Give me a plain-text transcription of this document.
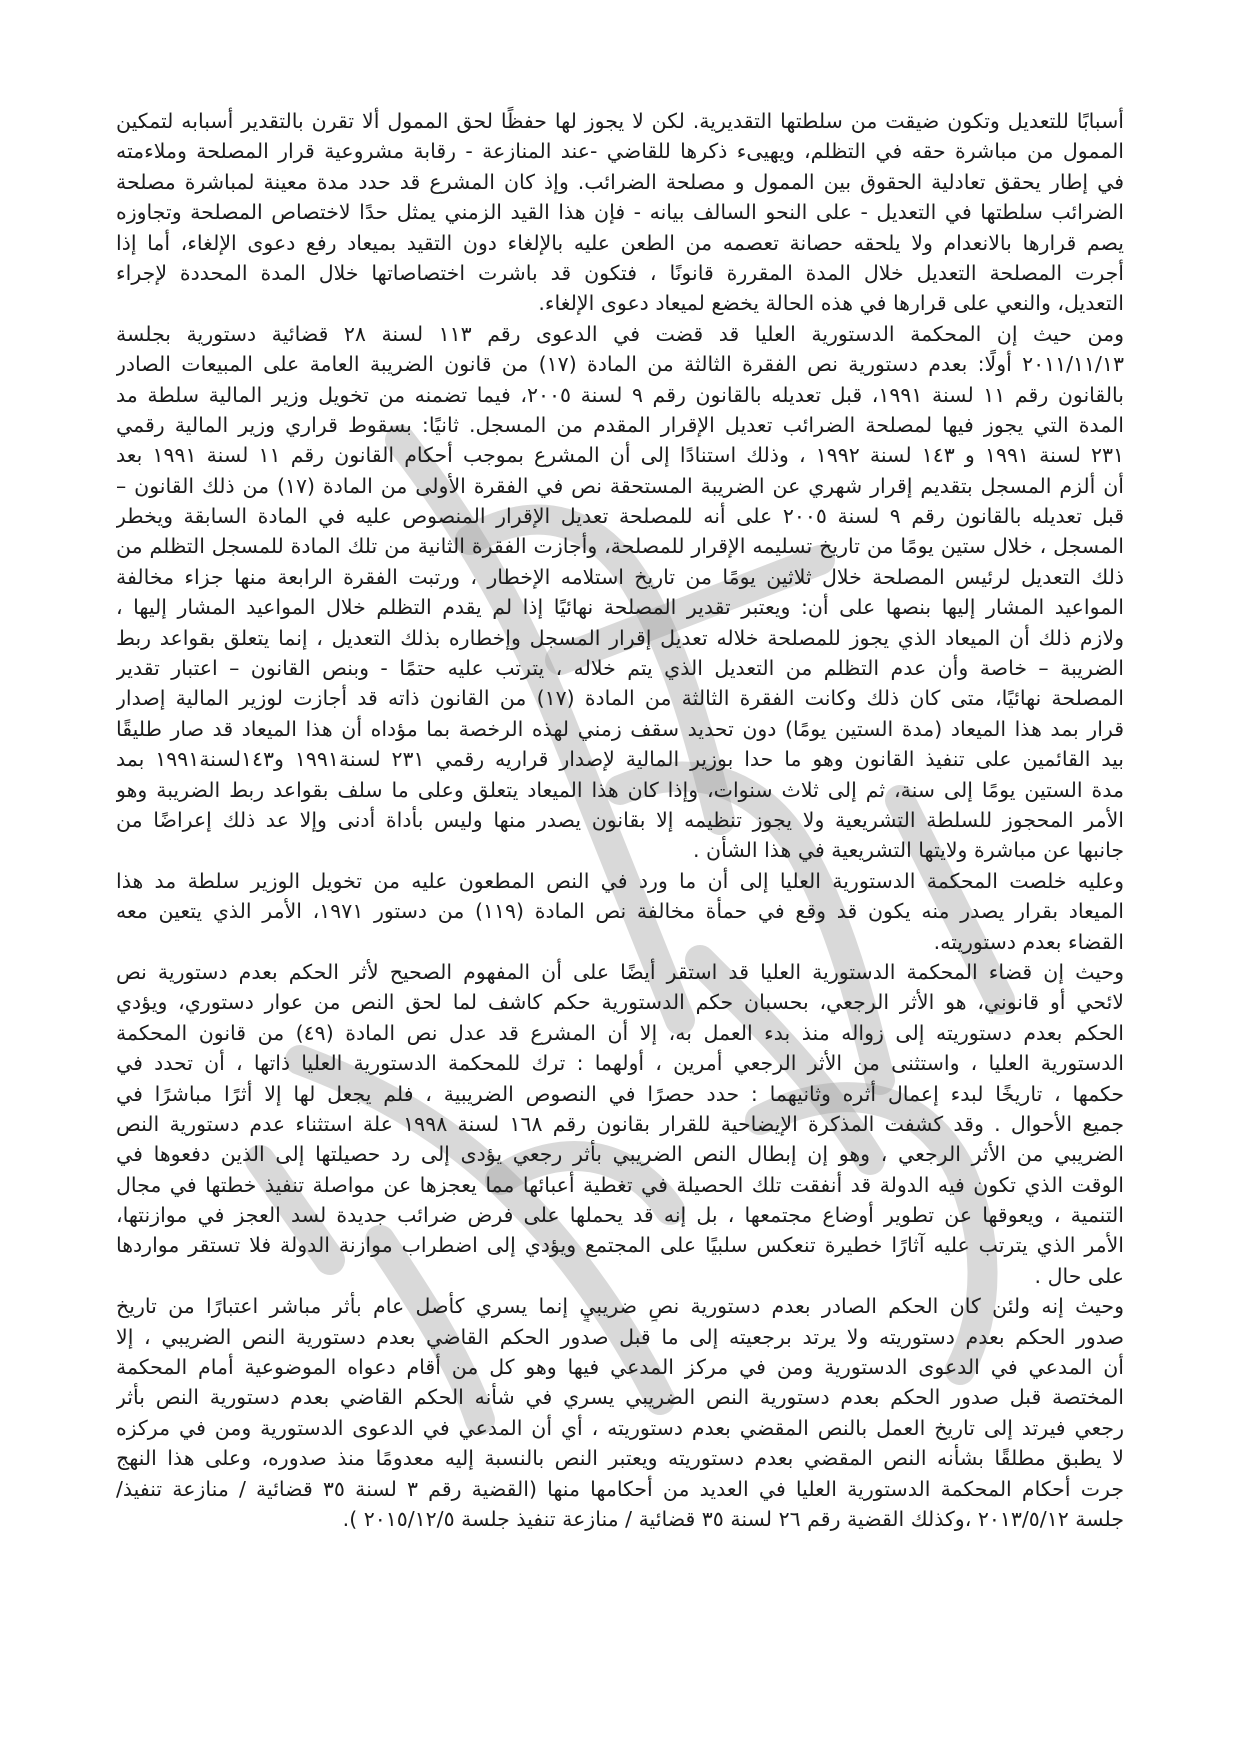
أسبابًا للتعديل وتكون ضيقت من سلطتها التقديرية. لكن لا يجوز لها حفظًا لحق الممول ألا تقرن بالتقدير أسبابه لتمكين
الممول من مباشرة حقه في التظلم، ويهيىء ذكرها للقاضي -عند المنازعة - رقابة مشروعية قرار المصلحة وملاءمته
في إطار يحقق تعادلية الحقوق بين الممول و مصلحة الضرائب. وإذ كان المشرع قد حدد مدة معينة لمباشرة مصلحة
الضرائب سلطتها في التعديل - على النحو السالف بيانه - فإن هذا القيد الزمني يمثل حدًا لاختصاص المصلحة وتجاوزه
يصم قرارها بالانعدام ولا يلحقه حصانة تعصمه من الطعن عليه بالإلغاء دون التقيد بميعاد رفع دعوى الإلغاء، أما إذا
أجرت المصلحة التعديل خلال المدة المقررة قانونًا ، فتكون قد باشرت اختصاصاتها خلال المدة المحددة لإجراء
التعديل، والنعي على قرارها في هذه الحالة يخضع لميعاد دعوى الإلغاء.
ومن حيث إن المحكمة الدستورية العليا قد قضت في الدعوى رقم ١١٣ لسنة ٢٨ قضائية دستورية بجلسة
٢٠١١/١١/١٣ أولًا: بعدم دستورية نص الفقرة الثالثة من المادة (١٧) من قانون الضريبة العامة على المبيعات الصادر
بالقانون رقم ١١ لسنة ١٩٩١، قبل تعديله بالقانون رقم ٩ لسنة ٢٠٠٥، فيما تضمنه من تخويل وزير المالية سلطة مد
المدة التي يجوز فيها لمصلحة الضرائب تعديل الإقرار المقدم من المسجل. ثانيًا: بسقوط قراري وزير المالية رقمي
٢٣١ لسنة ١٩٩١ و ١٤٣ لسنة ١٩٩٢ ، وذلك استنادًا إلى أن المشرع بموجب أحكام القانون رقم ١١ لسنة ١٩٩١ بعد
أن ألزم المسجل بتقديم إقرار شهري عن الضريبة المستحقة نص في الفقرة الأولى من المادة (١٧) من ذلك القانون –
قبل تعديله بالقانون رقم ٩ لسنة ٢٠٠٥ على أنه للمصلحة تعديل الإقرار المنصوص عليه في المادة السابقة ويخطر
المسجل ، خلال ستين يومًا من تاريخ تسليمه الإقرار للمصلحة، وأجازت الفقرة الثانية من تلك المادة للمسجل التظلم من
ذلك التعديل لرئيس المصلحة خلال ثلاثين يومًا من تاريخ استلامه الإخطار ، ورتبت الفقرة الرابعة منها جزاء مخالفة
المواعيد المشار إليها بنصها على أن: ويعتبر تقدير المصلحة نهائيًا إذا لم يقدم التظلم خلال المواعيد المشار إليها ،
ولازم ذلك أن الميعاد الذي يجوز للمصلحة خلاله تعديل إقرار المسجل وإخطاره بذلك التعديل ، إنما يتعلق بقواعد ربط
الضريبة – خاصة وأن عدم التظلم من التعديل الذي يتم خلاله ، يترتب عليه حتمًا - وبنص القانون – اعتبار تقدير
المصلحة نهائيًا، متى كان ذلك وكانت الفقرة الثالثة من المادة (١٧) من القانون ذاته قد أجازت لوزير المالية إصدار
قرار بمد هذا الميعاد (مدة الستين يومًا) دون تحديد سقف زمني لهذه الرخصة بما مؤداه أن هذا الميعاد قد صار طليقًا
بيد القائمين على تنفيذ القانون وهو ما حدا بوزير المالية لإصدار قراريه رقمي ٢٣١ لسنة١٩٩١ و١٤٣لسنة١٩٩١ بمد
مدة الستين يومًا إلى سنة، ثم إلى ثلاث سنوات، وإذا كان هذا الميعاد يتعلق وعلى ما سلف بقواعد ربط الضريبة وهو
الأمر المحجوز للسلطة التشريعية ولا يجوز تنظيمه إلا بقانون يصدر منها وليس بأداة أدنى وإلا عد ذلك إعراضًا من
جانبها عن مباشرة ولايتها التشريعية في هذا الشأن .
وعليه خلصت المحكمة الدستورية العليا إلى أن ما ورد في النص المطعون عليه من تخويل الوزير سلطة مد هذا
الميعاد بقرار يصدر منه يكون قد وقع في حمأة مخالفة نص المادة (١١٩) من دستور ١٩٧١، الأمر الذي يتعين معه
القضاء بعدم دستوريته.
وحيث إن قضاء المحكمة الدستورية العليا قد استقر أيضًا على أن المفهوم الصحيح لأثر الحكم بعدم دستورية نص
لائحي أو قانوني، هو الأثر الرجعي، بحسبان حكم الدستورية حكم كاشف لما لحق النص من عوار دستوري، ويؤدي
الحكم بعدم دستوريته إلى زواله منذ بدء العمل به، إلا أن المشرع قد عدل نص المادة (٤٩) من قانون المحكمة
الدستورية العليا ، واستثنى من الأثر الرجعي أمرين ، أولهما : ترك للمحكمة الدستورية العليا ذاتها ، أن تحدد في
حكمها ، تاريخًا لبدء إعمال أثره وثانيهما : حدد حصرًا في النصوص الضريبية ، فلم يجعل لها إلا أثرًا مباشرًا في
جميع الأحوال . وقد كشفت المذكرة الإيضاحية للقرار بقانون رقم ١٦٨ لسنة ١٩٩٨ علة استثناء عدم دستورية النص
الضريبي من الأثر الرجعي ، وهو إن إبطال النص الضريبي بأثر رجعي يؤدى إلى رد حصيلتها إلى الذين دفعوها في
الوقت الذي تكون فيه الدولة قد أنفقت تلك الحصيلة في تغطية أعبائها مما يعجزها عن مواصلة تنفيذ خطتها في مجال
التنمية ، ويعوقها عن تطوير أوضاع مجتمعها ، بل إنه قد يحملها على فرض ضرائب جديدة لسد العجز في موازنتها،
الأمر الذي يترتب عليه آثارًا خطيرة تنعكس سلبيًا على المجتمع ويؤدي إلى اضطراب موازنة الدولة فلا تستقر مواردها
على حال .
وحيث إنه ولئن كان الحكم الصادر بعدم دستورية نصٍ ضريبيٍ إنما يسري كأصل عام بأثر مباشر اعتبارًا من تاريخ
صدور الحكم بعدم دستوريته ولا يرتد برجعيته إلى ما قبل صدور الحكم القاضي بعدم دستورية النص الضريبي ، إلا
أن المدعي في الدعوى الدستورية ومن في مركز المدعي فيها وهو كل من أقام دعواه الموضوعية أمام المحكمة
المختصة قبل صدور الحكم بعدم دستورية النص الضريبي يسري في شأنه الحكم القاضي بعدم دستورية النص بأثر
رجعي فيرتد إلى تاريخ العمل بالنص المقضي بعدم دستوريته ، أي أن المدعي في الدعوى الدستورية ومن في مركزه
لا يطبق مطلقًا بشأنه النص المقضي بعدم دستوريته ويعتبر النص بالنسبة إليه معدومًا منذ صدوره، وعلى هذا النهج
جرت أحكام المحكمة الدستورية العليا في العديد من أحكامها منها (القضية رقم ٣ لسنة ٣٥ قضائية / منازعة تنفيذ/
جلسة ٢٠١٣/٥/١٢ ،وكذلك القضية رقم ٢٦ لسنة ٣٥ قضائية / منازعة تنفيذ جلسة ٢٠١٥/١٢/٥ ).
